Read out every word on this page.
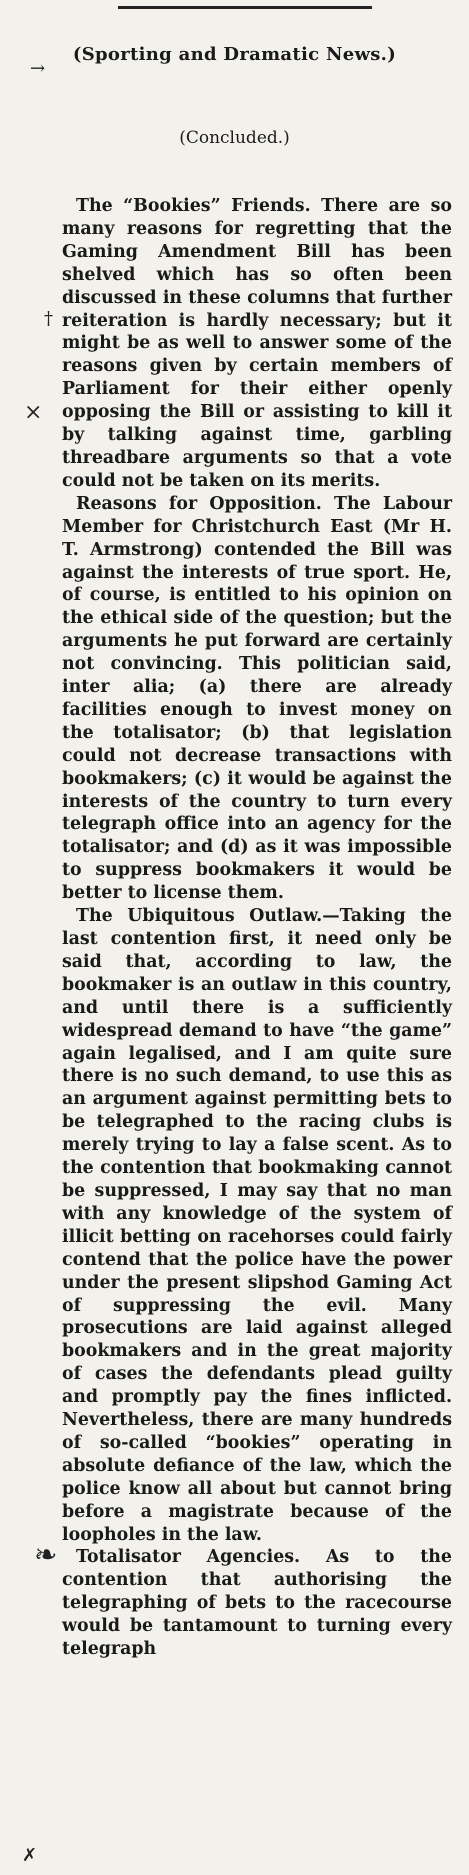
→
(Sporting and Dramatic News.)
(Concluded.)
†
⨯
❧
✗

The “Bookies” Friends. There are so many reasons for regretting that the Gaming Amendment Bill has been shelved which has so often been discussed in these columns that further reiteration is hardly necessary; but it might be as well to answer some of the reasons given by certain members of Parliament for their either openly opposing the Bill or assisting to kill it by talking against time, garbling threadbare arguments so that a vote could not be taken on its merits.

Reasons for Opposition. The Labour Member for Christchurch East (Mr H. T. Armstrong) contended the Bill was against the interests of true sport. He, of course, is entitled to his opinion on the ethical side of the question; but the arguments he put forward are certainly not convincing. This politician said, inter alia; (a) there are already facilities enough to invest money on the totalisator; (b) that legislation could not decrease transactions with bookmakers; (c) it would be against the interests of the country to turn every telegraph office into an agency for the totalisator; and (d) as it was impossible to suppress bookmakers it would be better to license them.

The Ubiquitous Outlaw.—Taking the last contention first, it need only be said that, according to law, the bookmaker is an outlaw in this country, and until there is a sufficiently widespread demand to have “the game” again legalised, and I am quite sure there is no such demand, to use this as an argument against permitting bets to be telegraphed to the racing clubs is merely trying to lay a false scent. As to the contention that bookmaking cannot be suppressed, I may say that no man with any knowledge of the system of illicit betting on racehorses could fairly contend that the police have the power under the present slipshod Gaming Act of suppressing the evil. Many prosecutions are laid against alleged bookmakers and in the great majority of cases the defendants plead guilty and promptly pay the fines inflicted. Nevertheless, there are many hundreds of so-called “bookies” operating in absolute defiance of the law, which the police know all about but cannot bring before a magistrate because of the loopholes in the law.

Totalisator Agencies. As to the contention that authorising the telegraphing of bets to the racecourse would be tantamount to turning every telegraph
